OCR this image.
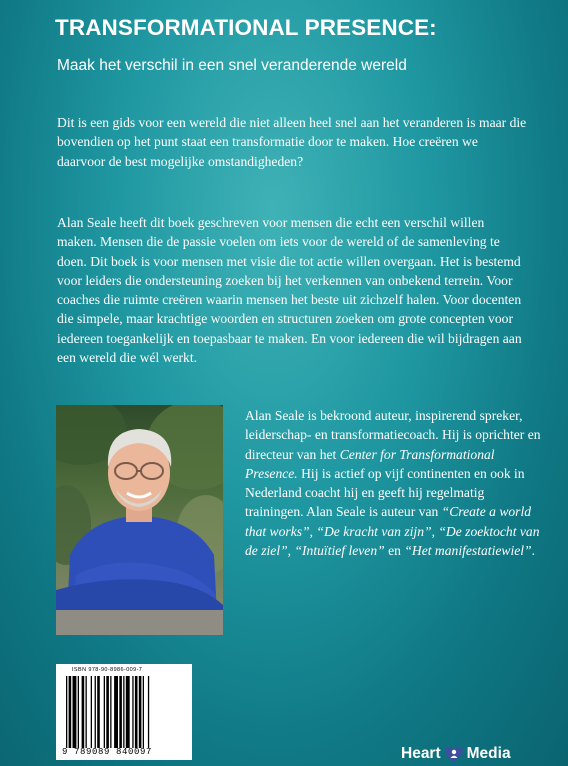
TRANSFORMATIONAL PRESENCE:

Maak het verschil in een snel veranderende wereld

Dit is een gids voor een wereld die niet alleen heel snel aan het veranderen is maar die bovendien op het punt staat een transformatie door te maken. Hoe creëren we daarvoor de best mogelijke omstandigheden?

Alan Seale heeft dit boek geschreven voor mensen die echt een verschil willen maken. Mensen die de passie voelen om iets voor de wereld of de samenleving te doen. Dit boek is voor mensen met visie die tot actie willen overgaan. Het is bestemd voor leiders die ondersteuning zoeken bij het verkennen van onbekend terrein. Voor coaches die ruimte creëren waarin mensen het beste uit zichzelf halen. Voor docenten die simpele, maar krachtige woorden en structuren zoeken om grote concepten voor iedereen toegankelijk en toepasbaar te maken. En voor iedereen die wil bijdragen aan een wereld die wél werkt.

Alan Seale is bekroond auteur, inspirerend spreker, leiderschap- en transformatiecoach. Hij is oprichter en directeur van het Center for Transformational Presence. Hij is actief op vijf continenten en ook in Nederland coacht hij en geeft hij regelmatig trainingen. Alan Seale is auteur van “Create a world that works”, “De kracht van zijn”, “De zoektocht van de ziel”, “Intuïtief leven” en “Het manifestatiewiel”.

ISBN 978-90-8986-009-7
9 789089 840097	Heart Media
